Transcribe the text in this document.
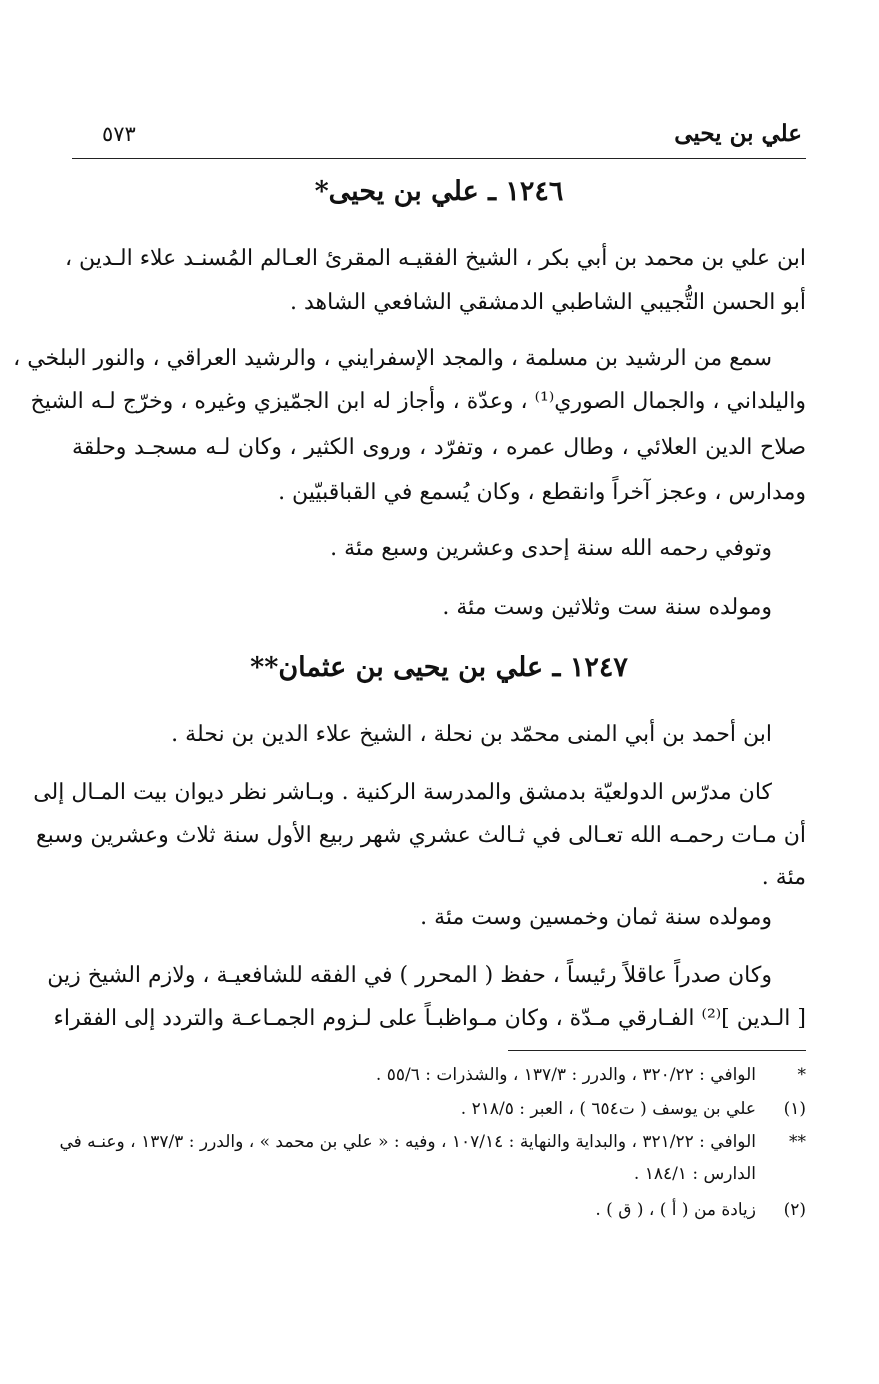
٥٧٣	علي بن يحيى
١٢٤٦ ـ علي بن يحيى*
ابن علي بن محمد بن أبي بكر ، الشيخ الفقيـه المقرئ العـالم المُسنـد علاء الـدين ،
أبو الحسن التُّجيبي الشاطبي الدمشقي الشافعي الشاهد .
سمع من الرشيد بن مسلمة ، والمجد الإسفرايني ، والرشيد العراقي ، والنور البلخي ،
واليلداني ، والجمال الصوري⁽¹⁾ ، وعدّة ، وأجاز له ابن الجمّيزي وغيره ، وخرّج لـه الشيخ
صلاح الدين العلائي ، وطال عمره ، وتفرّد ، وروى الكثير ، وكان لـه مسجـد وحلقة
ومدارس ، وعجز آخراً وانقطع ، وكان يُسمع في القباقبيّين .
وتوفي رحمه الله سنة إحدى وعشرين وسبع مئة .
ومولده سنة ست وثلاثين وست مئة .
١٢٤٧ ـ علي بن يحيى بن عثمان**
ابن أحمد بن أبي المنى محمّد بن نحلة ، الشيخ علاء الدين بن نحلة .
كان مدرّس الدولعيّة بدمشق والمدرسة الركنية . وبـاشر نظر ديوان بيت المـال إلى
أن مـات رحمـه الله تعـالى في ثـالث عشري شهر ربيع الأول سنة ثلاث وعشرين وسبع
مئة .
ومولده سنة ثمان وخمسين وست مئة .
وكان صدراً عاقلاً رئيساً ، حفظ ( المحرر ) في الفقه للشافعيـة ، ولازم الشيخ زين
[ الـدين ]⁽²⁾ الفـارقي مـدّة ، وكان مـواظبـاً على لـزوم الجمـاعـة والتردد إلى الفقراء
*الوافي : ٣٢٠/٢٢ ، والدرر : ١٣٧/٣ ، والشذرات : ٥٥/٦ .
(١)علي بن يوسف ( ت٦٥٤ ) ، العبر : ٢١٨/٥ .
**الوافي : ٣٢١/٢٢ ، والبداية والنهاية : ١٠٧/١٤ ، وفيه : « علي بن محمد » ، والدرر : ١٣٧/٣ ، وعنـه في
الدارس : ١٨٤/١ .
(٢)زيادة من ( أ ) ، ( ق ) .
